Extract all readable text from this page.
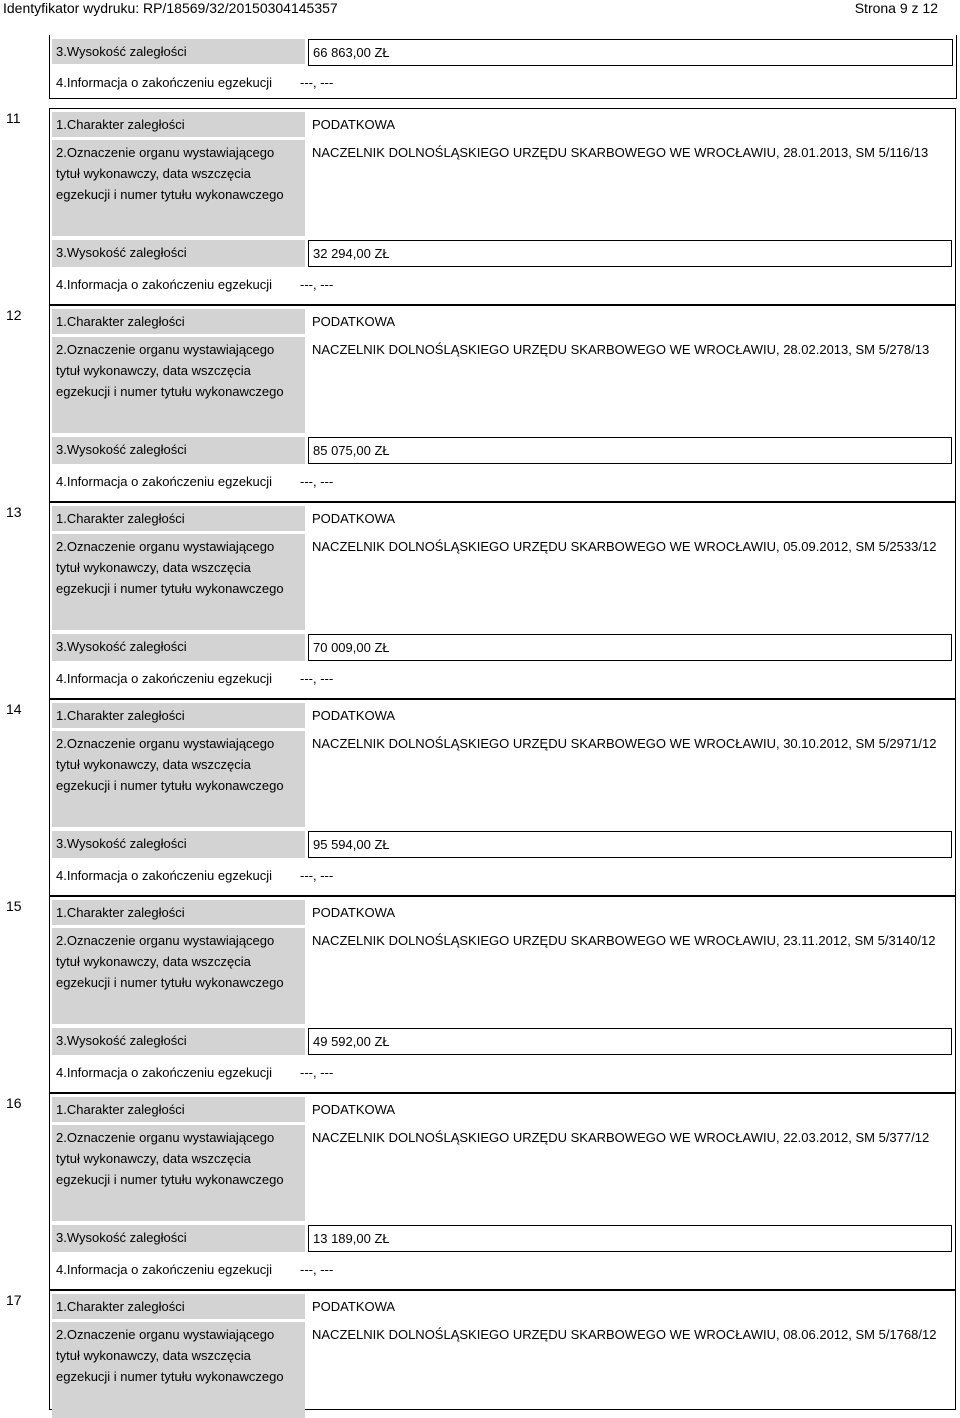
Identyfikator wydruku: RP/18569/32/20150304145357	Strona 9 z 12
3.Wysokość zaległości	66 863,00 ZŁ
4.Informacja o zakończeniu egzekucji	---, ---
11	1.Charakter zaległości	PODATKOWA
2.Oznaczenie organu wystawiającego tytuł wykonawczy, data wszczęcia egzekucji i numer tytułu wykonawczego
NACZELNIK DOLNOŚLĄSKIEGO URZĘDU SKARBOWEGO WE WROCŁAWIU, 28.01.2013, SM 5/116/13
3.Wysokość zaległości	32 294,00 ZŁ
4.Informacja o zakończeniu egzekucji	---, ---
12	1.Charakter zaległości	PODATKOWA
2.Oznaczenie organu wystawiającego tytuł wykonawczy, data wszczęcia egzekucji i numer tytułu wykonawczego
NACZELNIK DOLNOŚLĄSKIEGO URZĘDU SKARBOWEGO WE WROCŁAWIU, 28.02.2013, SM 5/278/13
3.Wysokość zaległości	85 075,00 ZŁ
4.Informacja o zakończeniu egzekucji	---, ---
13	1.Charakter zaległości	PODATKOWA
2.Oznaczenie organu wystawiającego tytuł wykonawczy, data wszczęcia egzekucji i numer tytułu wykonawczego
NACZELNIK DOLNOŚLĄSKIEGO URZĘDU SKARBOWEGO WE WROCŁAWIU, 05.09.2012, SM 5/2533/12
3.Wysokość zaległości	70 009,00 ZŁ
4.Informacja o zakończeniu egzekucji	---, ---
14	1.Charakter zaległości	PODATKOWA
2.Oznaczenie organu wystawiającego tytuł wykonawczy, data wszczęcia egzekucji i numer tytułu wykonawczego
NACZELNIK DOLNOŚLĄSKIEGO URZĘDU SKARBOWEGO WE WROCŁAWIU, 30.10.2012, SM 5/2971/12
3.Wysokość zaległości	95 594,00 ZŁ
4.Informacja o zakończeniu egzekucji	---, ---
15	1.Charakter zaległości	PODATKOWA
2.Oznaczenie organu wystawiającego tytuł wykonawczy, data wszczęcia egzekucji i numer tytułu wykonawczego
NACZELNIK DOLNOŚLĄSKIEGO URZĘDU SKARBOWEGO WE WROCŁAWIU, 23.11.2012, SM 5/3140/12
3.Wysokość zaległości	49 592,00 ZŁ
4.Informacja o zakończeniu egzekucji	---, ---
16	1.Charakter zaległości	PODATKOWA
2.Oznaczenie organu wystawiającego tytuł wykonawczy, data wszczęcia egzekucji i numer tytułu wykonawczego
NACZELNIK DOLNOŚLĄSKIEGO URZĘDU SKARBOWEGO WE WROCŁAWIU, 22.03.2012, SM 5/377/12
3.Wysokość zaległości	13 189,00 ZŁ
4.Informacja o zakończeniu egzekucji	---, ---
17	1.Charakter zaległości	PODATKOWA
2.Oznaczenie organu wystawiającego tytuł wykonawczy, data wszczęcia egzekucji i numer tytułu wykonawczego
NACZELNIK DOLNOŚLĄSKIEGO URZĘDU SKARBOWEGO WE WROCŁAWIU, 08.06.2012, SM 5/1768/12
